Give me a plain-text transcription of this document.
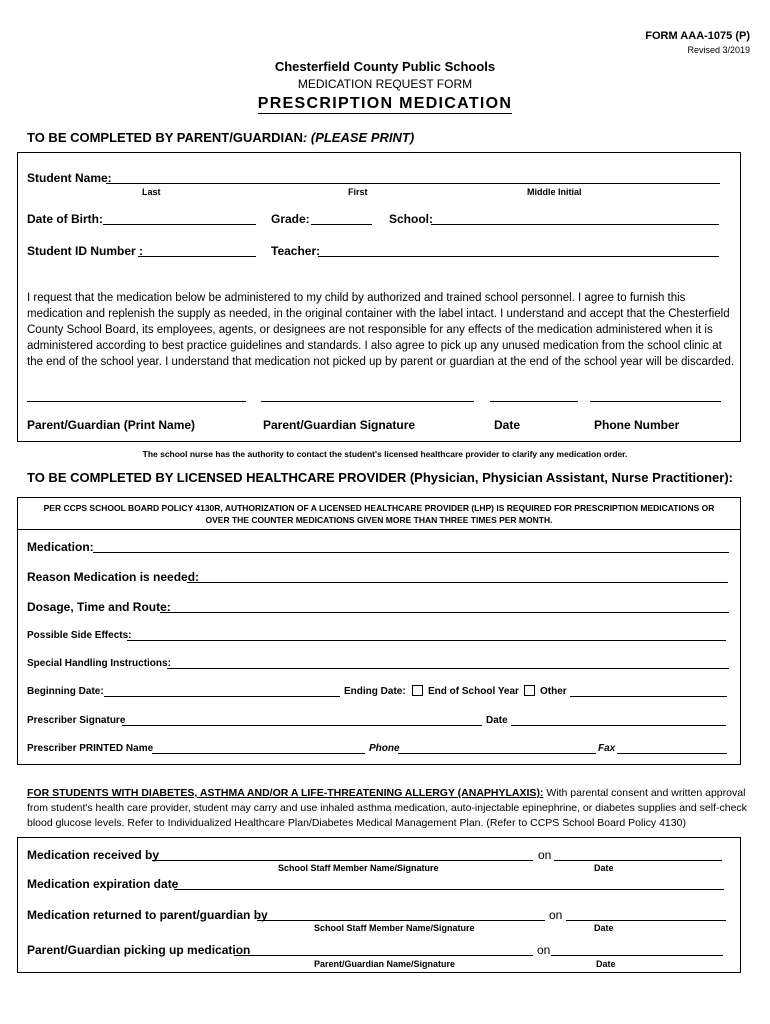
FORM AAA-1075 (P)
Revised 3/2019
Chesterfield County Public Schools
MEDICATION REQUEST FORM
PRESCRIPTION MEDICATION
TO BE COMPLETED BY PARENT/GUARDIAN: (PLEASE PRINT)
Student Name:
Last	First	Middle Initial
Date of Birth:	Grade:	School:
Student ID Number :	Teacher:
I request that the medication below be administered to my child by authorized and trained school personnel. I agree to furnish this medication and replenish the supply as needed, in the original container with the label intact. I understand and accept that the Chesterfield County School Board, its employees, agents, or designees are not responsible for any effects of the medication administered when it is administered according to best practice guidelines and standards. I also agree to pick up any unused medication from the school clinic at the end of the school year. I understand that medication not picked up by parent or guardian at the end of the school year will be discarded.
Parent/Guardian (Print Name)	Parent/Guardian Signature	Date	Phone Number
The school nurse has the authority to contact the student's licensed healthcare provider to clarify any medication order.
TO BE COMPLETED BY LICENSED HEALTHCARE PROVIDER (Physician, Physician Assistant, Nurse Practitioner):
PER CCPS SCHOOL BOARD POLICY 4130R, AUTHORIZATION OF A LICENSED HEALTHCARE PROVIDER (LHP) IS REQUIRED FOR PRESCRIPTION MEDICATIONS OR
OVER THE COUNTER MEDICATIONS GIVEN MORE THAN THREE TIMES PER MONTH.
Medication:
Reason Medication is needed:
Dosage, Time and Route:
Possible Side Effects:
Special Handling Instructions:
Beginning Date:	Ending Date: End of School Year Other
Prescriber Signature	Date
Prescriber PRINTED Name	Phone	Fax
FOR STUDENTS WITH DIABETES, ASTHMA AND/OR A LIFE-THREATENING ALLERGY (ANAPHYLAXIS): With parental consent and written approval from student's health care provider, student may carry and use inhaled asthma medication, auto-injectable epinephrine, or diabetes supplies and self-check blood glucose levels. Refer to Individualized Healthcare Plan/Diabetes Medical Management Plan. (Refer to CCPS School Board Policy 4130)
Medication received by	on
School Staff Member Name/Signature	Date
Medication expiration date
Medication returned to parent/guardian by	on
School Staff Member Name/Signature	Date
Parent/Guardian picking up medication	on
Parent/Guardian Name/Signature	Date
